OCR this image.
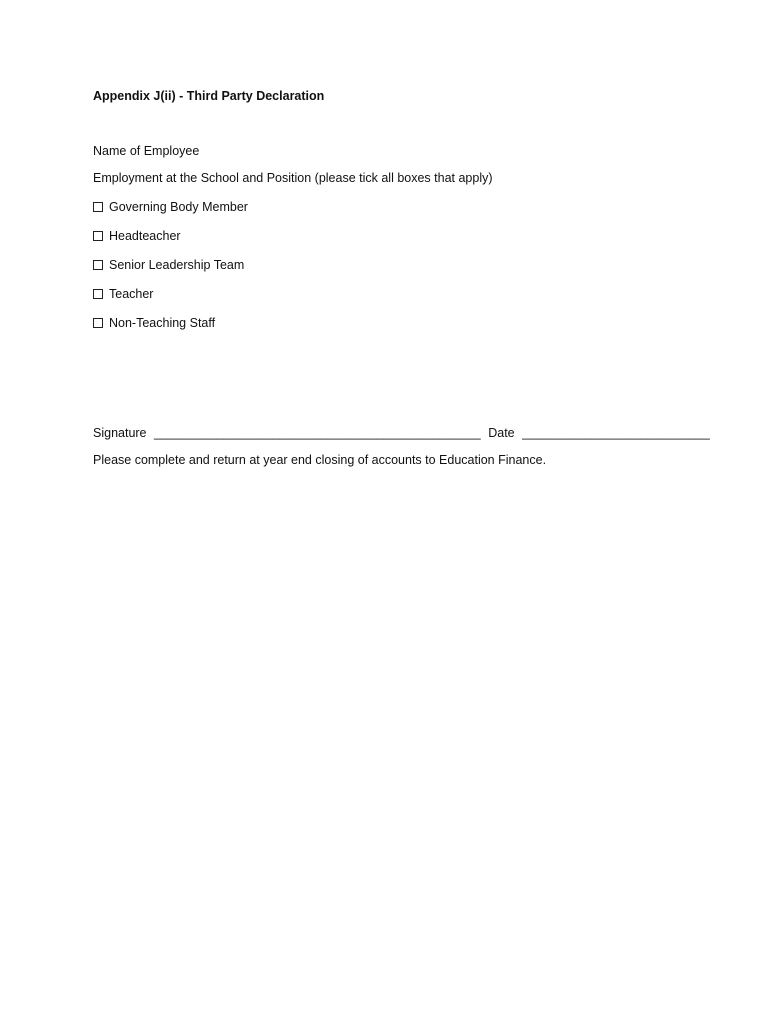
Appendix J(ii) - Third Party Declaration
Name of Employee
Employment at the School and Position (please tick all boxes that apply)
Governing Body Member
Headteacher
Senior Leadership Team
Teacher
Non-Teaching Staff
Signature _______________________________________________ Date ___________________________
Please complete and return at year end closing of accounts to Education Finance.
